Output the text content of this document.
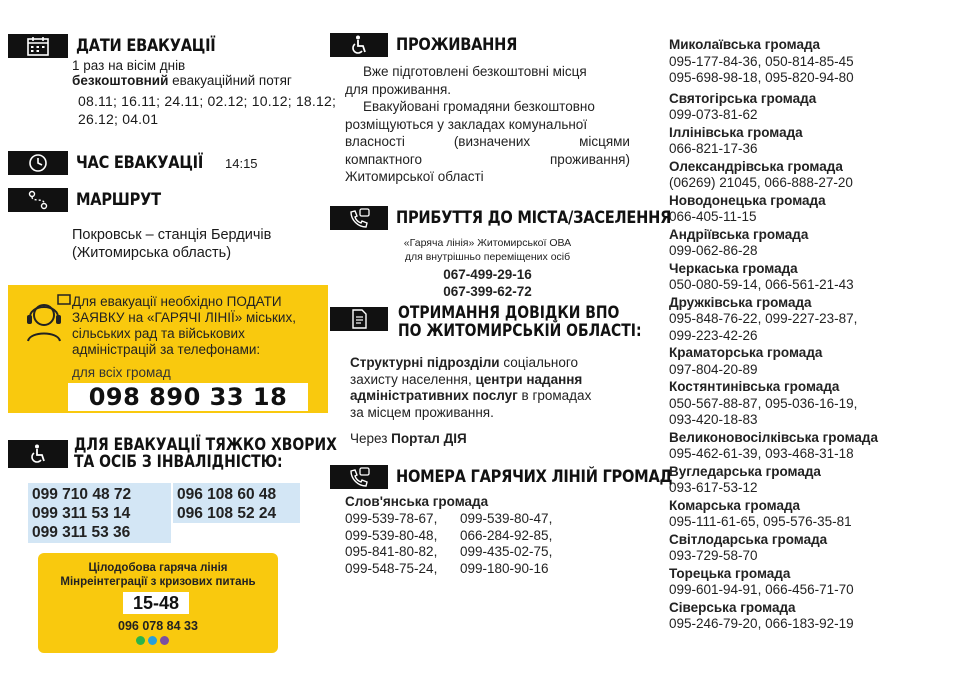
ДАТИ ЕВАКУАЦІЇ
1 раз на вісім днів
безкоштовний евакуаційний потяг
08.11; 16.11; 24.11; 02.12; 10.12; 18.12;
26.12; 04.01
ЧАС ЕВАКУАЦІЇ 14:15
МАРШРУТ
Покровськ – станція Бердичів
(Житомирська область)
Для евакуації необхідно ПОДАТИ
ЗАЯВКУ на «ГАРЯЧІ ЛІНІЇ» міських,
сільських рад та військових
адміністрацій за телефонами:
для всіх громад
098 890 33 18
ДЛЯ ЕВАКУАЦІЇ ТЯЖКО ХВОРИХ
ТА ОСІБ З ІНВАЛІДНІСТЮ:
099 710 48 72
099 311 53 14
099 311 53 36
096 108 60 48
096 108 52 24
Цілодобова гаряча лінія
Мінреінтеграції з кризових питань
15-48
096 078 84 33
ПРОЖИВАННЯ
Вже підготовлені безкоштовні місця
для проживання.
Евакуйовані громадяни безкоштовно
розміщуються у закладах комунальної
власності	(визначених	місцями
компактного	проживання)
Житомирської області
ПРИБУТТЯ ДО МІСТА/ЗАСЕЛЕННЯ
«Гаряча лінія» Житомирської ОВА
для внутрішньо переміщених осіб
067-499-29-16
067-399-62-72
ОТРИМАННЯ ДОВІДКИ ВПО
ПО ЖИТОМИРСЬКІЙ ОБЛАСТІ:
Структурні підрозділи соціального
захисту населення, центри надання
адміністративних послуг в громадах
за місцем проживання.
Через Портал ДІЯ
НОМЕРА ГАРЯЧИХ ЛІНІЙ ГРОМАД
Слов'янська громада
099-539-78-67,	099-539-80-47,
099-539-80-48,	066-284-92-85,
095-841-80-82,	099-435-02-75,
099-548-75-24,	099-180-90-16
Миколаївська громада
095-177-84-36, 050-814-85-45
095-698-98-18, 095-820-94-80
Святогірська громада
099-073-81-62
Іллінівська громада
066-821-17-36
Олександрівська громада
(06269) 21045, 066-888-27-20
Новодонецька громада
066-405-11-15
Андріївська громада
099-062-86-28
Черкаська громада
050-080-59-14, 066-561-21-43
Дружківська громада
095-848-76-22, 099-227-23-87,
099-223-42-26
Краматорська громада
097-804-20-89
Костянтинівська громада
050-567-88-87, 095-036-16-19,
093-420-18-83
Великоновосілківська громада
095-462-61-39, 093-468-31-18
Вугледарська громада
093-617-53-12
Комарська громада
095-111-61-65, 095-576-35-81
Світлодарська громада
093-729-58-70
Торецька громада
099-601-94-91, 066-456-71-70
Сіверська громада
095-246-79-20, 066-183-92-19
